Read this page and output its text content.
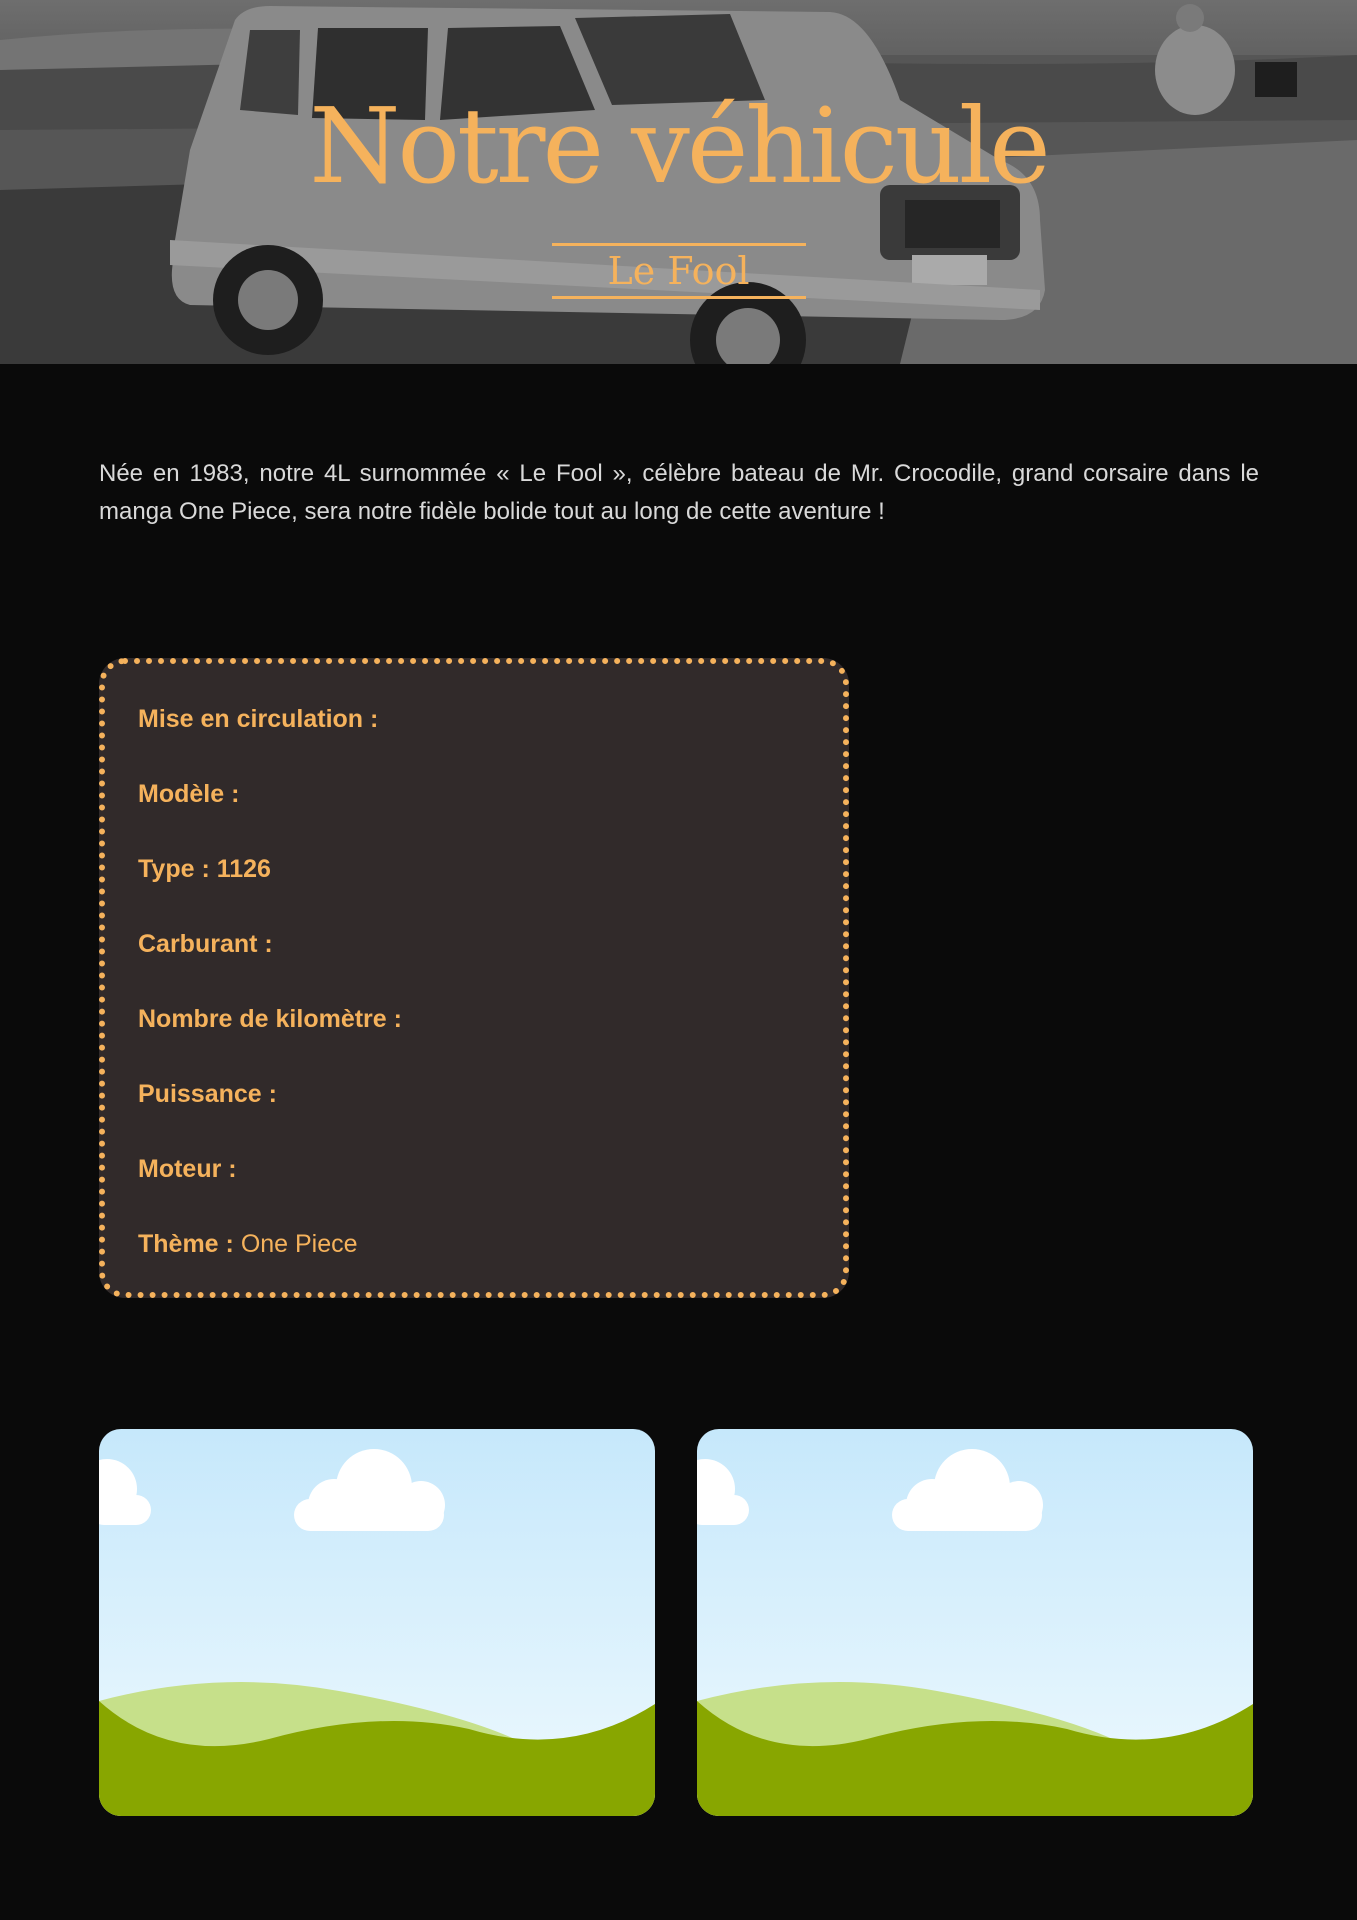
Notre véhicule
Le Fool

Née en 1983, notre 4L surnommée « Le Fool », célèbre bateau de Mr. Crocodile, grand corsaire dans le manga One Piece, sera notre fidèle bolide tout au long de cette aventure !

Mise en circulation :
Modèle :
Type : 1126
Carburant :
Nombre de kilomètre :
Puissance :
Moteur :
Thème : One Piece
